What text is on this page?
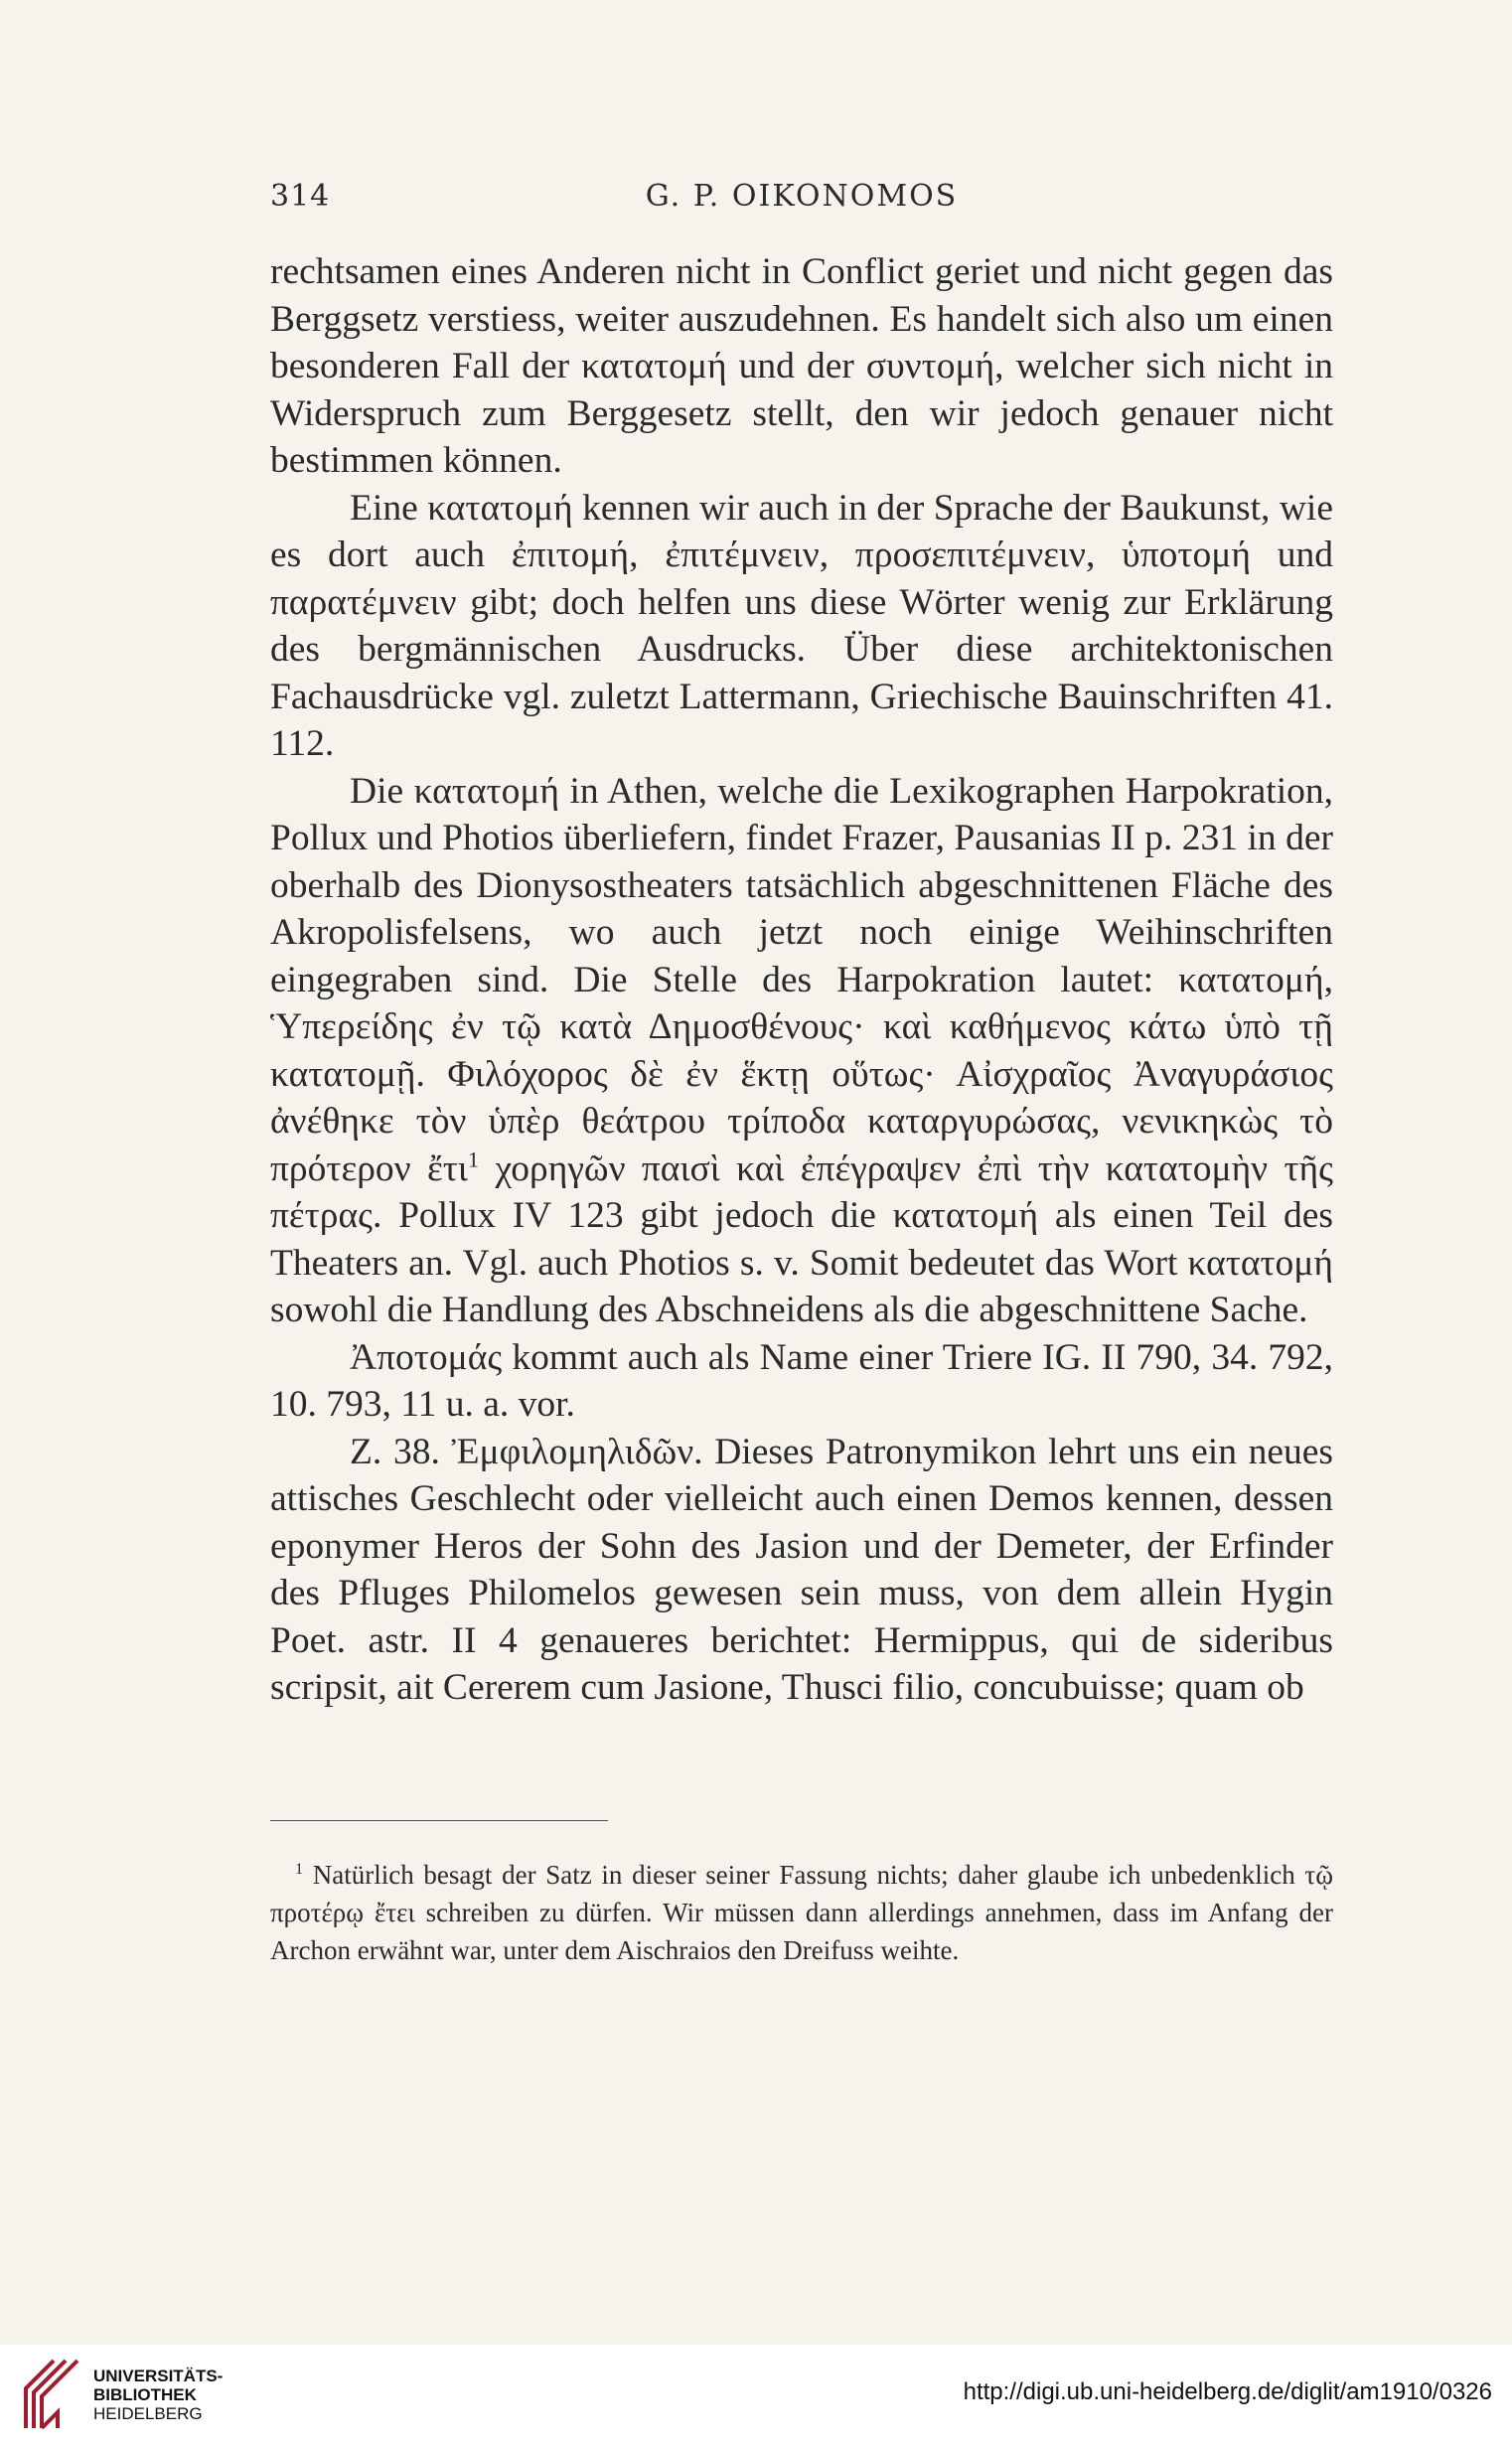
314	G. P. OIKONOMOS

rechtsamen eines Anderen nicht in Conflict geriet und nicht gegen das Berggsetz verstiess, weiter auszudehnen. Es handelt sich also um einen besonderen Fall der κατατομή und der συντομή, welcher sich nicht in Widerspruch zum Berggesetz stellt, den wir jedoch genauer nicht bestimmen können.

Eine κατατομή kennen wir auch in der Sprache der Baukunst, wie es dort auch ἐπιτομή, ἐπιτέμνειν, προσεπιτέμνειν, ὑποτομή und παρατέμνειν gibt; doch helfen uns diese Wörter wenig zur Erklärung des bergmännischen Ausdrucks. Über diese architektonischen Fachausdrücke vgl. zuletzt Lattermann, Griechische Bauinschriften 41. 112.

Die κατατομή in Athen, welche die Lexikographen Harpokration, Pollux und Photios überliefern, findet Frazer, Pausanias II p. 231 in der oberhalb des Dionysostheaters tatsächlich abgeschnittenen Fläche des Akropolisfelsens, wo auch jetzt noch einige Weihinschriften eingegraben sind. Die Stelle des Harpokration lautet: κατατομή, Ὑπερείδης ἐν τῷ κατὰ Δημοσθένους· καὶ καθήμενος κάτω ὑπὸ τῇ κατατομῇ. Φιλόχορος δὲ ἐν ἕκτῃ οὕτως· Αἰσχραῖος Ἀναγυράσιος ἀνέθηκε τὸν ὑπὲρ θεάτρου τρίποδα καταργυρώσας, νενικηκὼς τὸ πρότερον ἔτι$^1$ χορηγῶν παισὶ καὶ ἐπέγραψεν ἐπὶ τὴν κατατομὴν τῆς πέτρας. Pollux IV 123 gibt jedoch die κατατομή als einen Teil des Theaters an. Vgl. auch Photios s. v. Somit bedeutet das Wort κατατομή sowohl die Handlung des Abschneidens als die abgeschnittene Sache.

Ἀποτομάς kommt auch als Name einer Triere IG. II 790, 34. 792, 10. 793, 11 u. a. vor.

Z. 38. Ἐμφιλομηλιδῶν. Dieses Patronymikon lehrt uns ein neues attisches Geschlecht oder vielleicht auch einen Demos kennen, dessen eponymer Heros der Sohn des Jasion und der Demeter, der Erfinder des Pfluges Philomelos gewesen sein muss, von dem allein Hygin Poet. astr. II 4 genaueres berichtet: Hermippus, qui de sideribus scripsit, ait Cererem cum Jasione, Thusci filio, concubuisse; quam ob

$^1$ Natürlich besagt der Satz in dieser seiner Fassung nichts; daher glaube ich unbedenklich τῷ προτέρῳ ἔτει schreiben zu dürfen. Wir müssen dann allerdings annehmen, dass im Anfang der Archon erwähnt war, unter dem Aischraios den Dreifuss weihte.

UNIVERSITÄTS-
BIBLIOTHEK
HEIDELBERG
http://digi.ub.uni-heidelberg.de/diglit/am1910/0326
